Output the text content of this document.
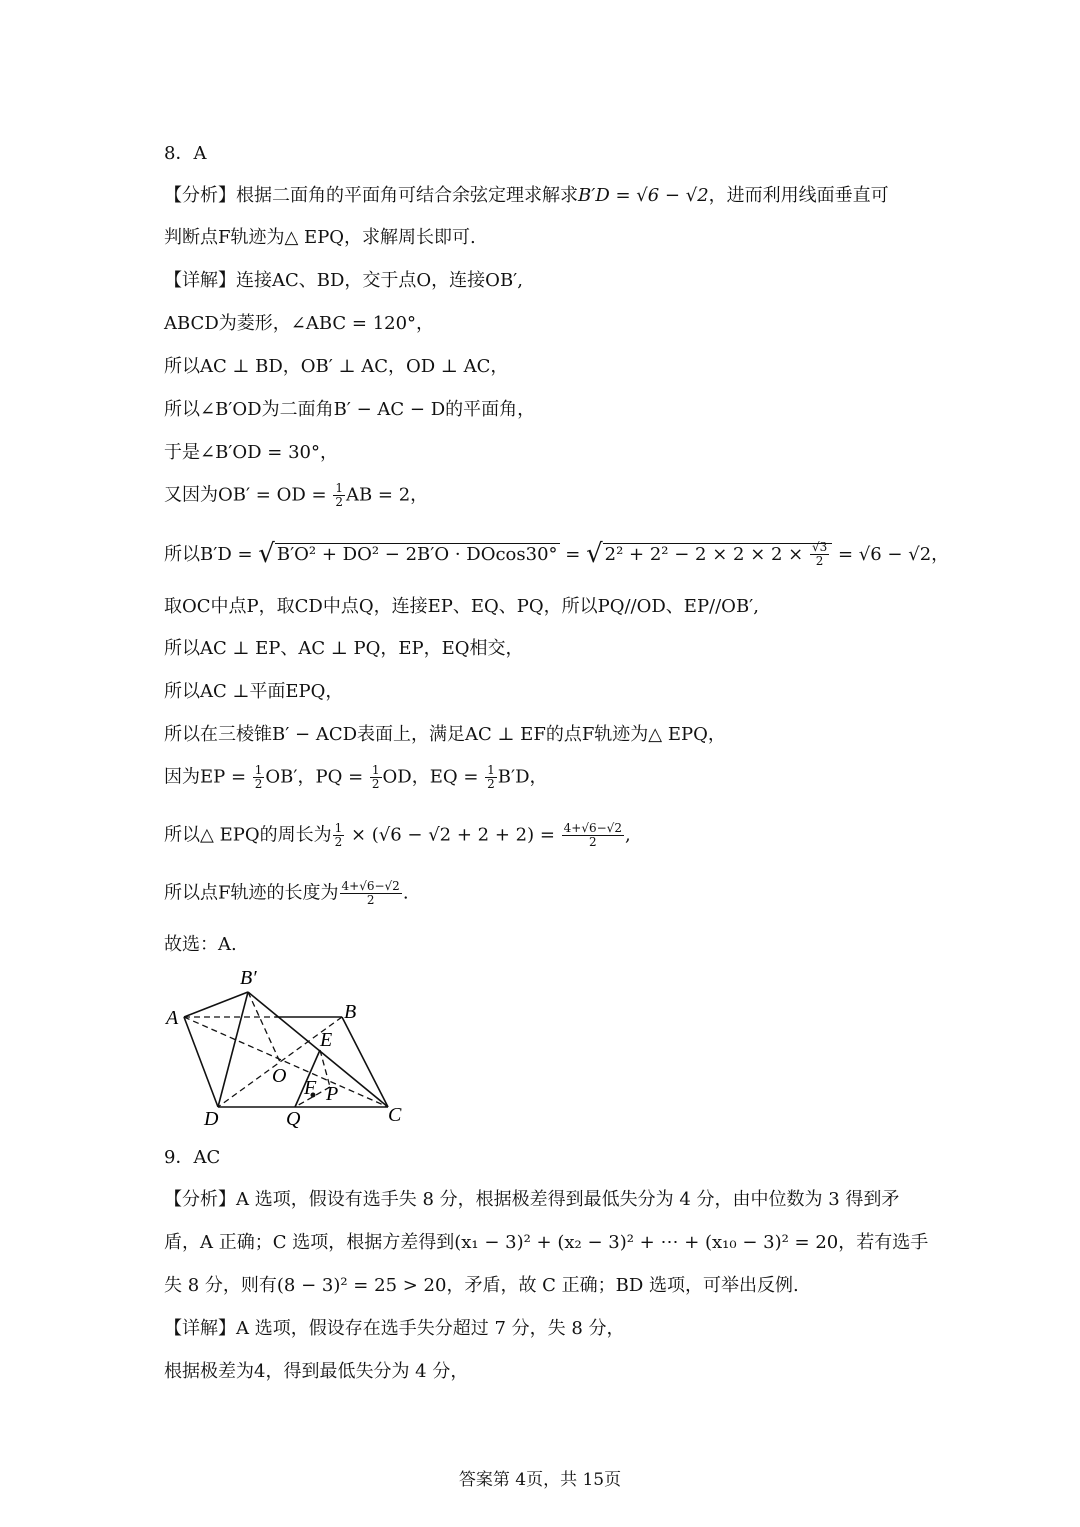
8．A
【分析】根据二面角的平面角可结合余弦定理求解求B′D = √6 − √2，进而利用线面垂直可
判断点F轨迹为△ EPQ，求解周长即可.
【详解】连接AC、BD，交于点O，连接OB′,
ABCD为菱形，∠ABC = 120°，
所以AC ⊥ BD，OB′ ⊥ AC，OD ⊥ AC，
所以∠B′OD为二面角B′ − AC − D的平面角，
于是∠B′OD = 30°，
又因为OB′ = OD = $\frac{1}{2}$ AB = 2，
所以B′D = √ B′O² + DO² − 2B′O · DOcos30° = √ $2^2 + 2^2 - 2 \times 2 \times 2 \times \frac{√3}{2} = √6 - √2$，
取OC中点P，取CD中点Q，连接EP、EQ、PQ，所以PQ//OD、EP//OB′,
所以AC ⊥ EP、AC ⊥ PQ，EP，EQ相交，
所以AC ⊥平面EPQ，
所以在三棱锥B′ − ACD表面上，满足AC ⊥ EF的点F轨迹为△ EPQ，
因为EP = $\frac{1}{2} OB'$，PQ = $\frac{1}{2}$ OD，EQ = $\frac{1}{2} B'D$，
所以△ EPQ的周长为 $\frac{1}{2} \times (√6 - √2 + 2 + 2) = \frac{4+√6-√2}{2}$ ,
所以点F轨迹的长度为 $\frac{4+√6-√2}{2}$ .
故选：A.
B′
A	B
E
O
F P
D	Q	C
9．AC
【分析】A 选项，假设有选手失 8 分，根据极差得到最低失分为 4 分，由中位数为 3 得到矛
盾，A 正确；C 选项，根据方差得到(x₁ − 3)² + (x₂ − 3)² + ⋯ + (x₁₀ − 3)² = 20，若有选手
失 8 分，则有(8 − 3)² = 25 > 20，矛盾，故 C 正确；BD 选项，可举出反例.
【详解】A 选项，假设存在选手失分超过 7 分，失 8 分，
根据极差为4，得到最低失分为 4 分，
答案第 4页，共 15页
